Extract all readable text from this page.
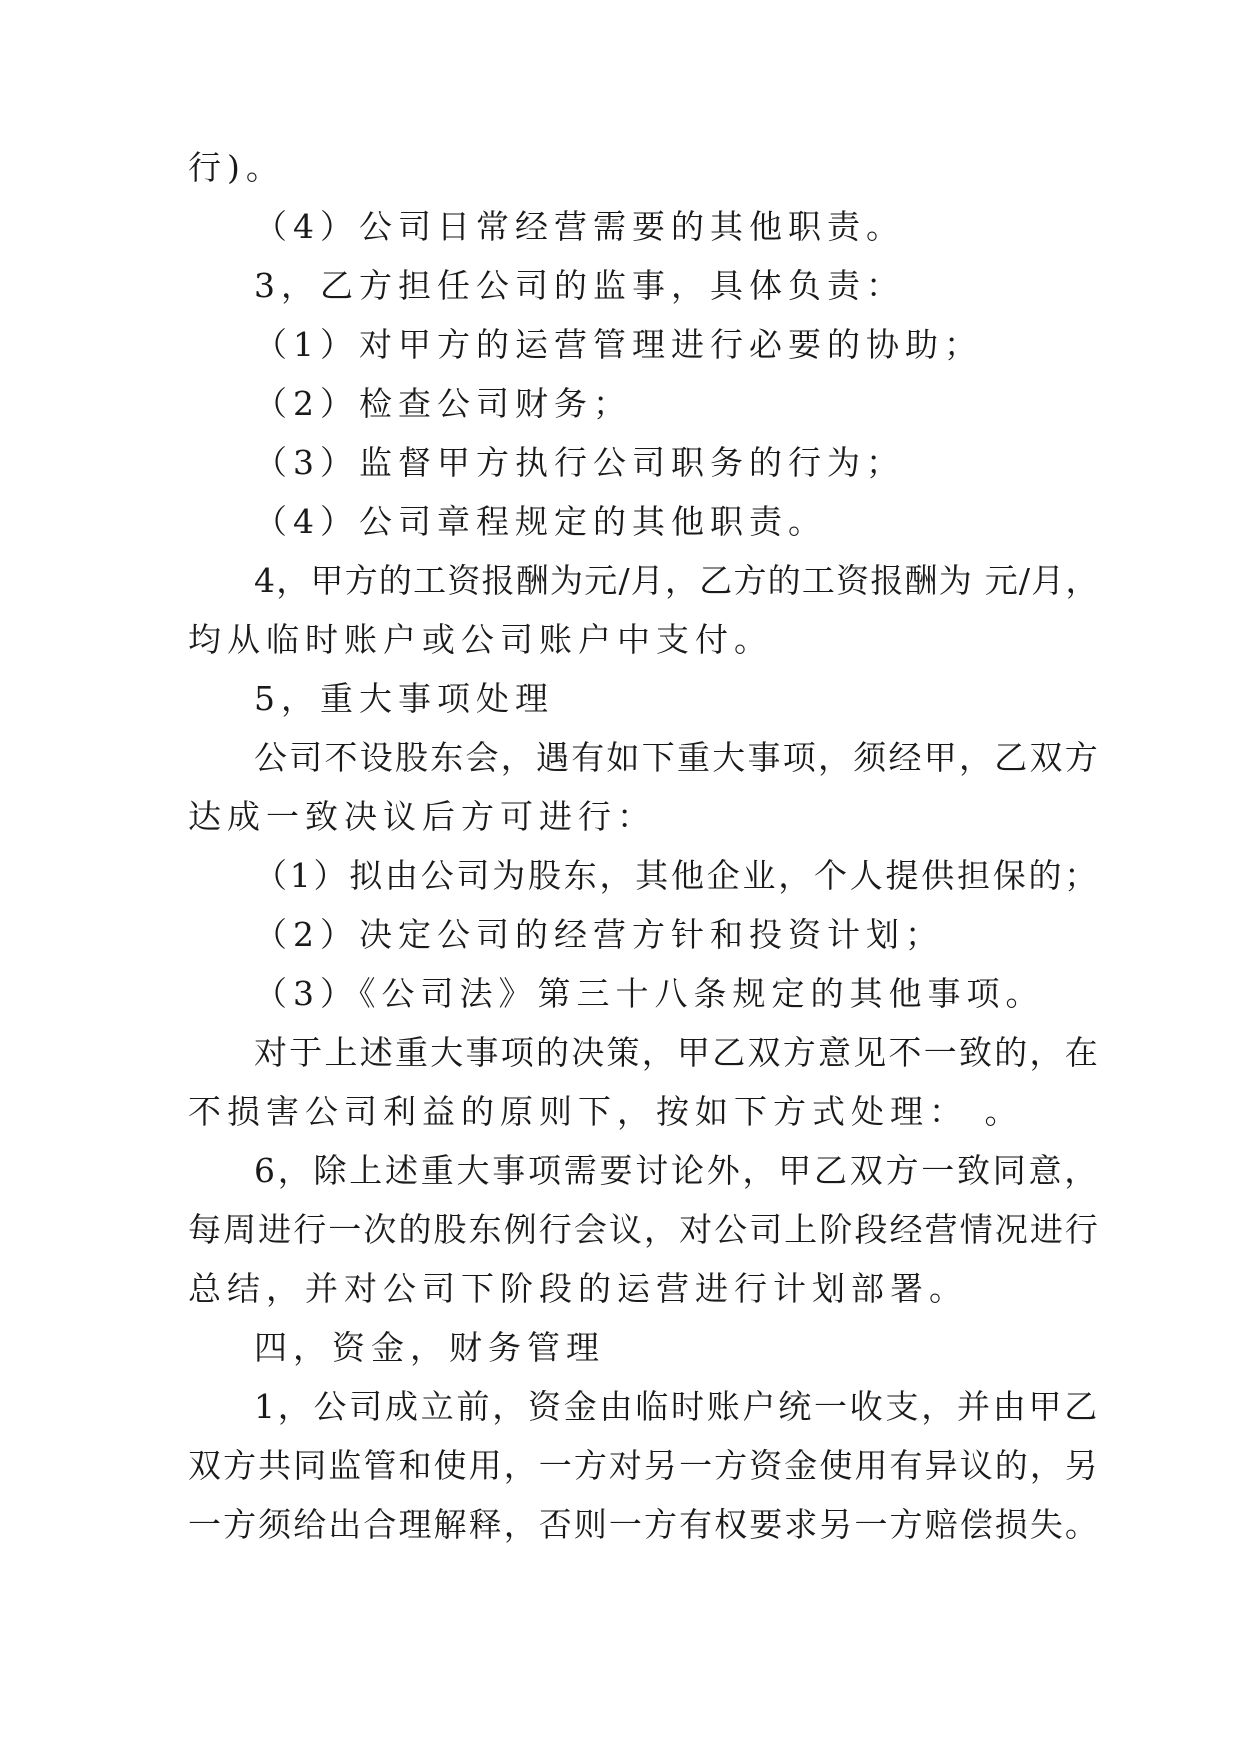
行)。
（4）公司日常经营需要的其他职责。
3，乙方担任公司的监事，具体负责：
（1）对甲方的运营管理进行必要的协助；
（2）检查公司财务；
（3）监督甲方执行公司职务的行为；
（4）公司章程规定的其他职责。
4，甲方的工资报酬为元/月，乙方的工资报酬为 元/月，
均从临时账户或公司账户中支付。
5，重大事项处理
公司不设股东会，遇有如下重大事项，须经甲，乙双方
达成一致决议后方可进行：
（1）拟由公司为股东，其他企业，个人提供担保的；
（2）决定公司的经营方针和投资计划；
（3）《公司法》第三十八条规定的其他事项。
对于上述重大事项的决策，甲乙双方意见不一致的，在
不损害公司利益的原则下，按如下方式处理： 。
6，除上述重大事项需要讨论外，甲乙双方一致同意，
每周进行一次的股东例行会议，对公司上阶段经营情况进行
总结，并对公司下阶段的运营进行计划部署。
四，资金，财务管理
1，公司成立前，资金由临时账户统一收支，并由甲乙
双方共同监管和使用，一方对另一方资金使用有异议的，另
一方须给出合理解释，否则一方有权要求另一方赔偿损失。
